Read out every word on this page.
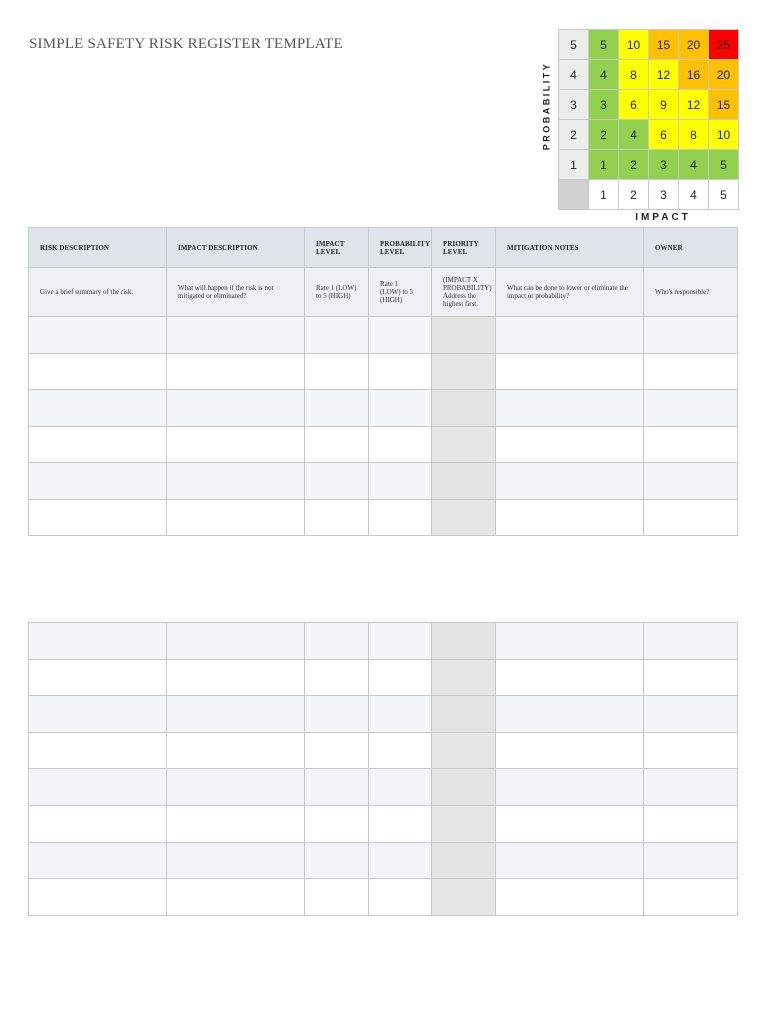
SIMPLE SAFETY RISK REGISTER TEMPLATE
PROBABILITY
5	5	10	15	20	25
4	4	8	12	16	20
3	3	6	9	12	15
2	2	4	6	8	10
1	1	2	3	4	5
1	2	3	4	5
IMPACT
RISK DESCRIPTION	IMPACT DESCRIPTION	IMPACT LEVEL	PROBABILITY LEVEL	PRIORITY LEVEL	MITIGATION NOTES	OWNER
Give a brief summary of the risk.	What will happen if the risk is not mitigated or eliminated?	Rate 1 (LOW) to 5 (HIGH)	Rate 1 (LOW) to 5 (HIGH)	(IMPACT X PROBABILITY) Address the highest first.	What can be done to lower or eliminate the impact or probability?	Who's responsible?
